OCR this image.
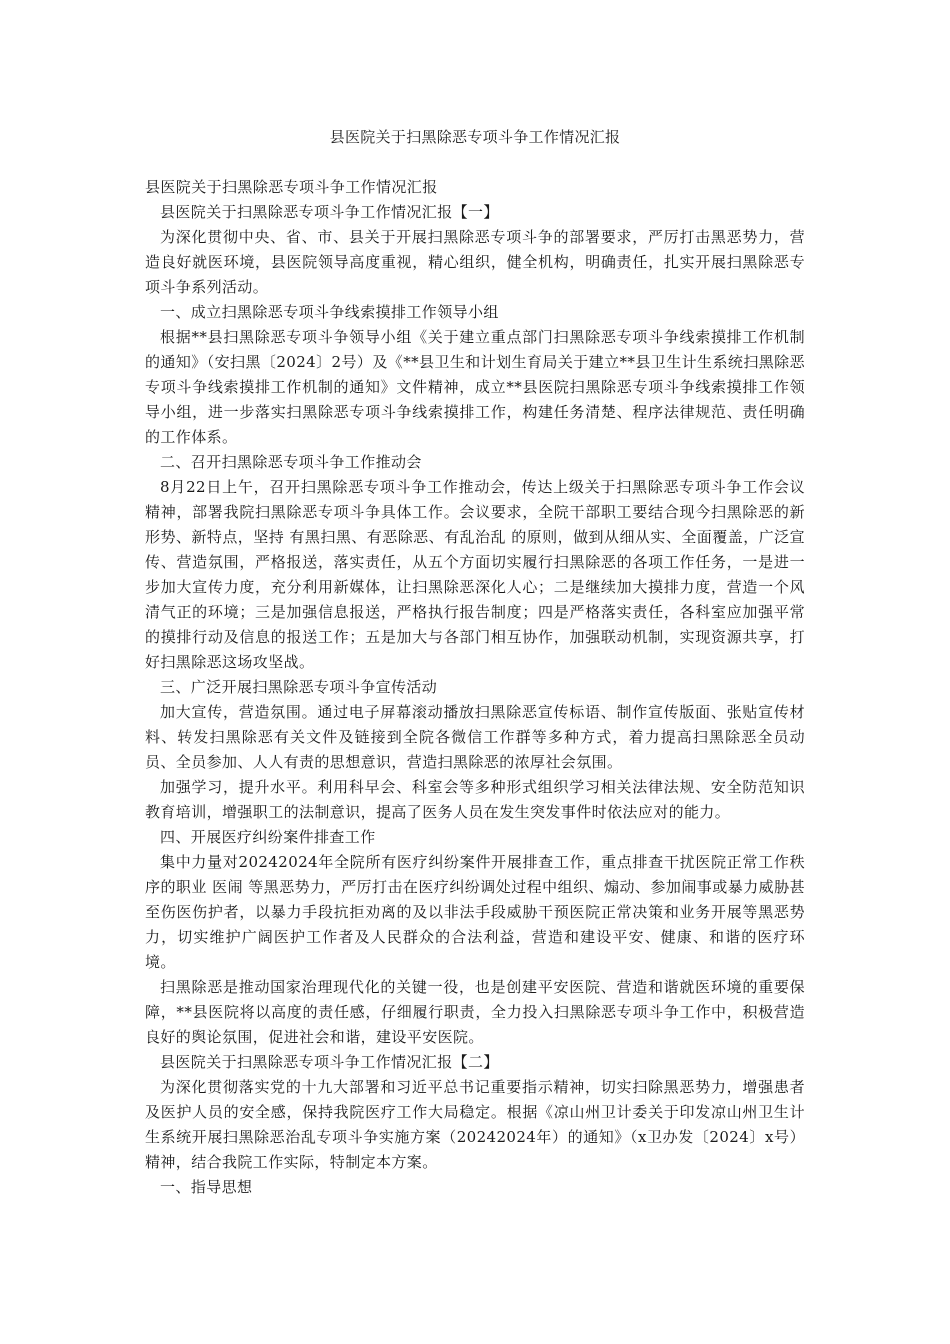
县医院关于扫黑除恶专项斗争工作情况汇报

县医院关于扫黑除恶专项斗争工作情况汇报

县医院关于扫黑除恶专项斗争工作情况汇报【一】

为深化贯彻中央、省、市、县关于开展扫黑除恶专项斗争的部署要求，严厉打击黑恶势力，营造良好就医环境，县医院领导高度重视，精心组织，健全机构，明确责任，扎实开展扫黑除恶专项斗争系列活动。

一、成立扫黑除恶专项斗争线索摸排工作领导小组

根据**县扫黑除恶专项斗争领导小组《关于建立重点部门扫黑除恶专项斗争线索摸排工作机制的通知》（安扫黑〔2024〕2号）及《**县卫生和计划生育局关于建立**县卫生计生系统扫黑除恶专项斗争线索摸排工作机制的通知》文件精神，成立**县医院扫黑除恶专项斗争线索摸排工作领导小组，进一步落实扫黑除恶专项斗争线索摸排工作，构建任务清楚、程序法律规范、责任明确的工作体系。

二、召开扫黑除恶专项斗争工作推动会

8月22日上午，召开扫黑除恶专项斗争工作推动会，传达上级关于扫黑除恶专项斗争工作会议精神，部署我院扫黑除恶专项斗争具体工作。会议要求，全院干部职工要结合现今扫黑除恶的新形势、新特点，坚持 有黑扫黑、有恶除恶、有乱治乱 的原则，做到从细从实、全面覆盖，广泛宣传、营造氛围，严格报送，落实责任，从五个方面切实履行扫黑除恶的各项工作任务，一是进一步加大宣传力度，充分利用新媒体，让扫黑除恶深化人心；二是继续加大摸排力度，营造一个风清气正的环境；三是加强信息报送，严格执行报告制度；四是严格落实责任，各科室应加强平常的摸排行动及信息的报送工作；五是加大与各部门相互协作，加强联动机制，实现资源共享，打好扫黑除恶这场攻坚战。

三、广泛开展扫黑除恶专项斗争宣传活动

加大宣传，营造氛围。通过电子屏幕滚动播放扫黑除恶宣传标语、制作宣传版面、张贴宣传材料、转发扫黑除恶有关文件及链接到全院各微信工作群等多种方式，着力提高扫黑除恶全员动员、全员参加、人人有责的思想意识，营造扫黑除恶的浓厚社会氛围。

加强学习，提升水平。利用科早会、科室会等多种形式组织学习相关法律法规、安全防范知识教育培训，增强职工的法制意识，提高了医务人员在发生突发事件时依法应对的能力。

四、开展医疗纠纷案件排查工作

集中力量对20242024年全院所有医疗纠纷案件开展排查工作，重点排查干扰医院正常工作秩序的职业 医闹 等黑恶势力，严厉打击在医疗纠纷调处过程中组织、煽动、参加闹事或暴力威胁甚至伤医伤护者，以暴力手段抗拒劝离的及以非法手段威胁干预医院正常决策和业务开展等黑恶势力，切实维护广阔医护工作者及人民群众的合法利益，营造和建设平安、健康、和谐的医疗环境。

扫黑除恶是推动国家治理现代化的关键一役，也是创建平安医院、营造和谐就医环境的重要保障，**县医院将以高度的责任感，仔细履行职责，全力投入扫黑除恶专项斗争工作中，积极营造良好的舆论氛围，促进社会和谐，建设平安医院。

县医院关于扫黑除恶专项斗争工作情况汇报【二】

为深化贯彻落实党的十九大部署和习近平总书记重要指示精神，切实扫除黑恶势力，增强患者及医护人员的安全感，保持我院医疗工作大局稳定。根据《凉山州卫计委关于印发凉山州卫生计生系统开展扫黑除恶治乱专项斗争实施方案（20242024年）的通知》（x卫办发〔2024〕x号）精神，结合我院工作实际，特制定本方案。

一、指导思想
